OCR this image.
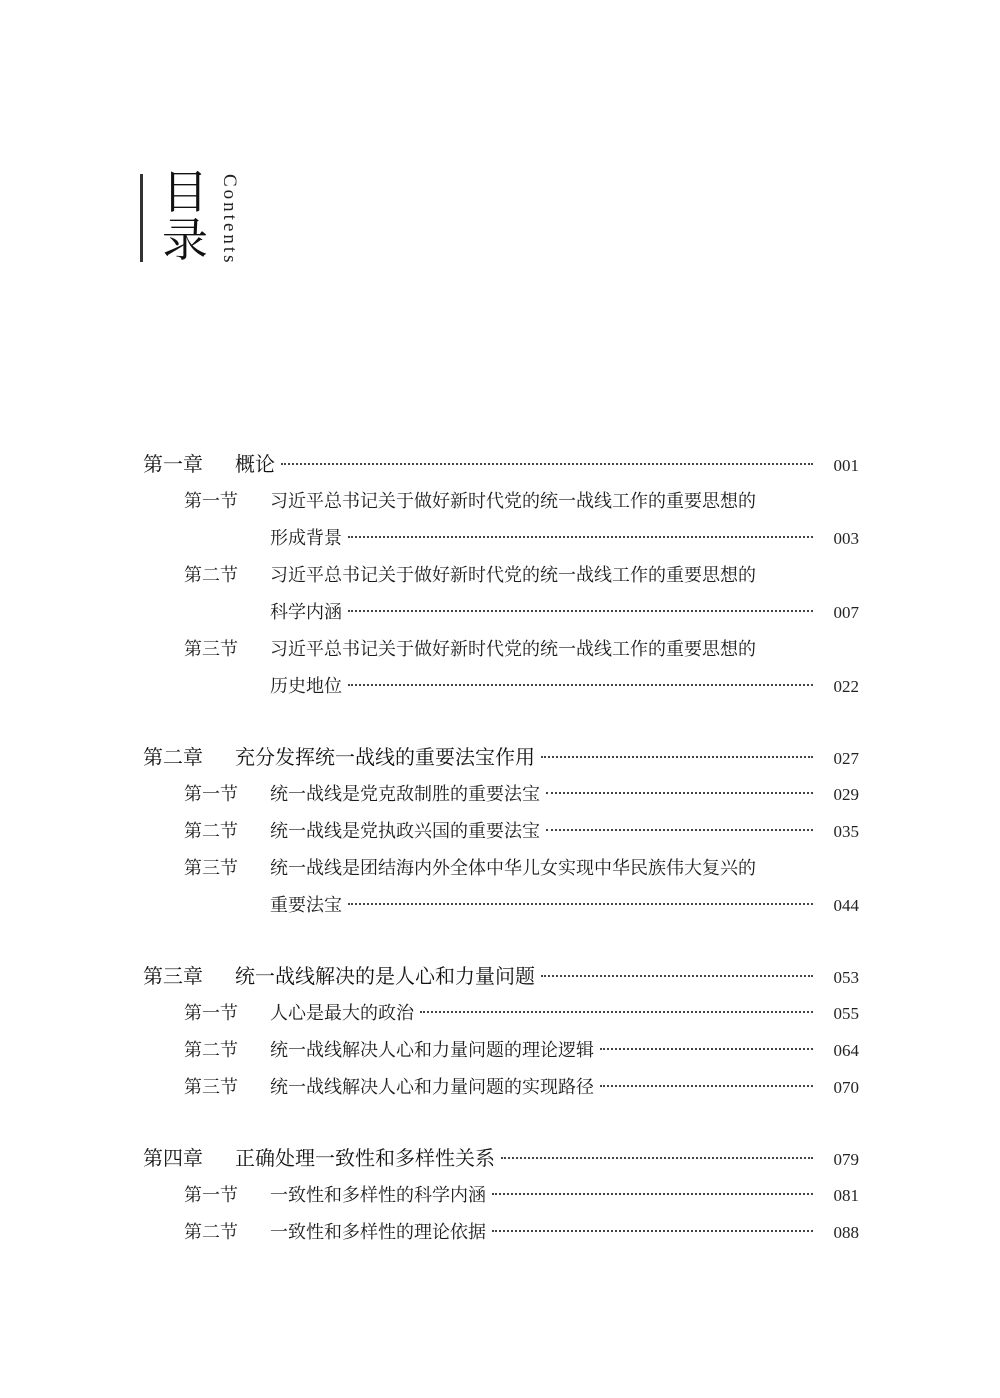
目录 Contents
第一章	概论	001
第一节	习近平总书记关于做好新时代党的统一战线工作的重要思想的
形成背景	003
第二节	习近平总书记关于做好新时代党的统一战线工作的重要思想的
科学内涵	007
第三节	习近平总书记关于做好新时代党的统一战线工作的重要思想的
历史地位	022
第二章	充分发挥统一战线的重要法宝作用	027
第一节	统一战线是党克敌制胜的重要法宝	029
第二节	统一战线是党执政兴国的重要法宝	035
第三节	统一战线是团结海内外全体中华儿女实现中华民族伟大复兴的
重要法宝	044
第三章	统一战线解决的是人心和力量问题	053
第一节	人心是最大的政治	055
第二节	统一战线解决人心和力量问题的理论逻辑	064
第三节	统一战线解决人心和力量问题的实现路径	070
第四章	正确处理一致性和多样性关系	079
第一节	一致性和多样性的科学内涵	081
第二节	一致性和多样性的理论依据	088
